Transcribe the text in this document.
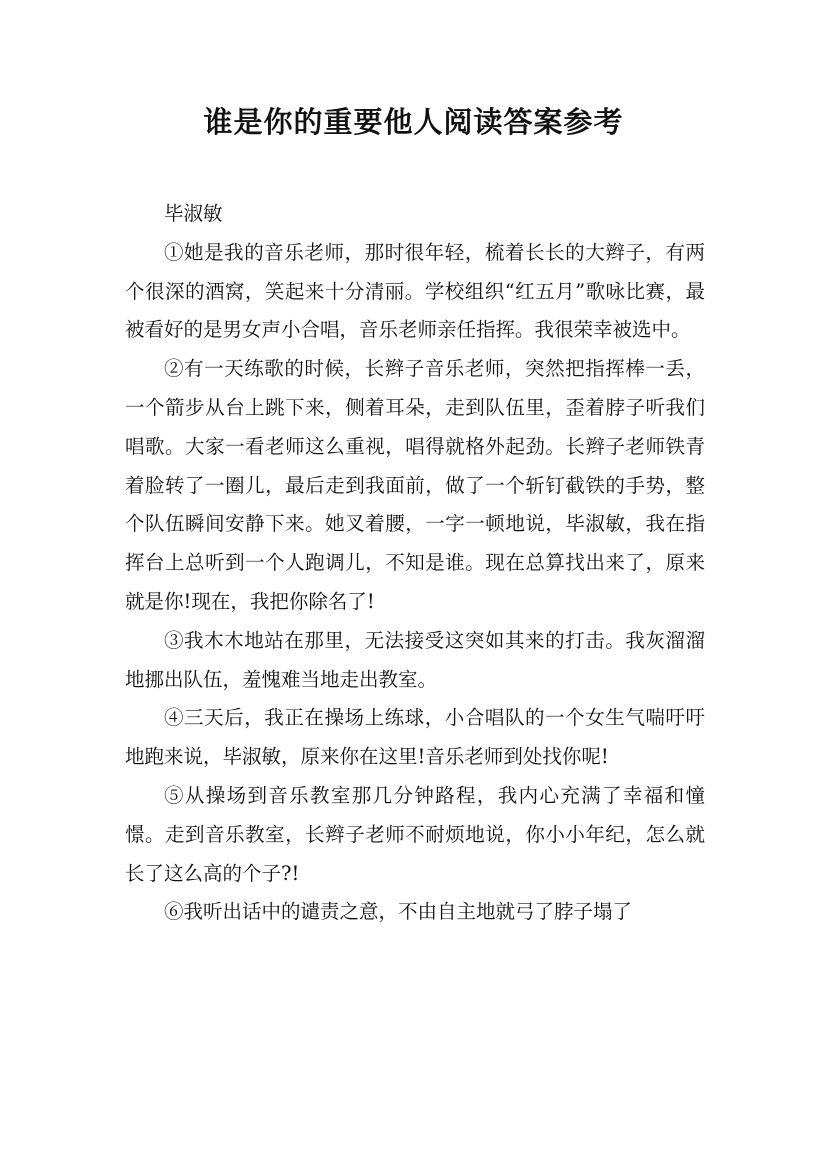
谁是你的重要他人阅读答案参考

毕淑敏

①她是我的音乐老师，那时很年轻，梳着长长的大辫子，有两个很深的酒窝，笑起来十分清丽。学校组织“红五月”歌咏比赛，最被看好的是男女声小合唱，音乐老师亲任指挥。我很荣幸被选中。

②有一天练歌的时候，长辫子音乐老师，突然把指挥棒一丢，一个箭步从台上跳下来，侧着耳朵，走到队伍里，歪着脖子听我们唱歌。大家一看老师这么重视，唱得就格外起劲。长辫子老师铁青着脸转了一圈儿，最后走到我面前，做了一个斩钉截铁的手势，整个队伍瞬间安静下来。她叉着腰，一字一顿地说，毕淑敏，我在指挥台上总听到一个人跑调儿，不知是谁。现在总算找出来了，原来就是你!现在，我把你除名了!

③我木木地站在那里，无法接受这突如其来的打击。我灰溜溜地挪出队伍，羞愧难当地走出教室。

④三天后，我正在操场上练球，小合唱队的一个女生气喘吁吁地跑来说，毕淑敏，原来你在这里!音乐老师到处找你呢!

⑤从操场到音乐教室那几分钟路程，我内心充满了幸福和憧憬。走到音乐教室，长辫子老师不耐烦地说，你小小年纪，怎么就长了这么高的个子?!

⑥我听出话中的谴责之意，不由自主地就弓了脖子塌了
